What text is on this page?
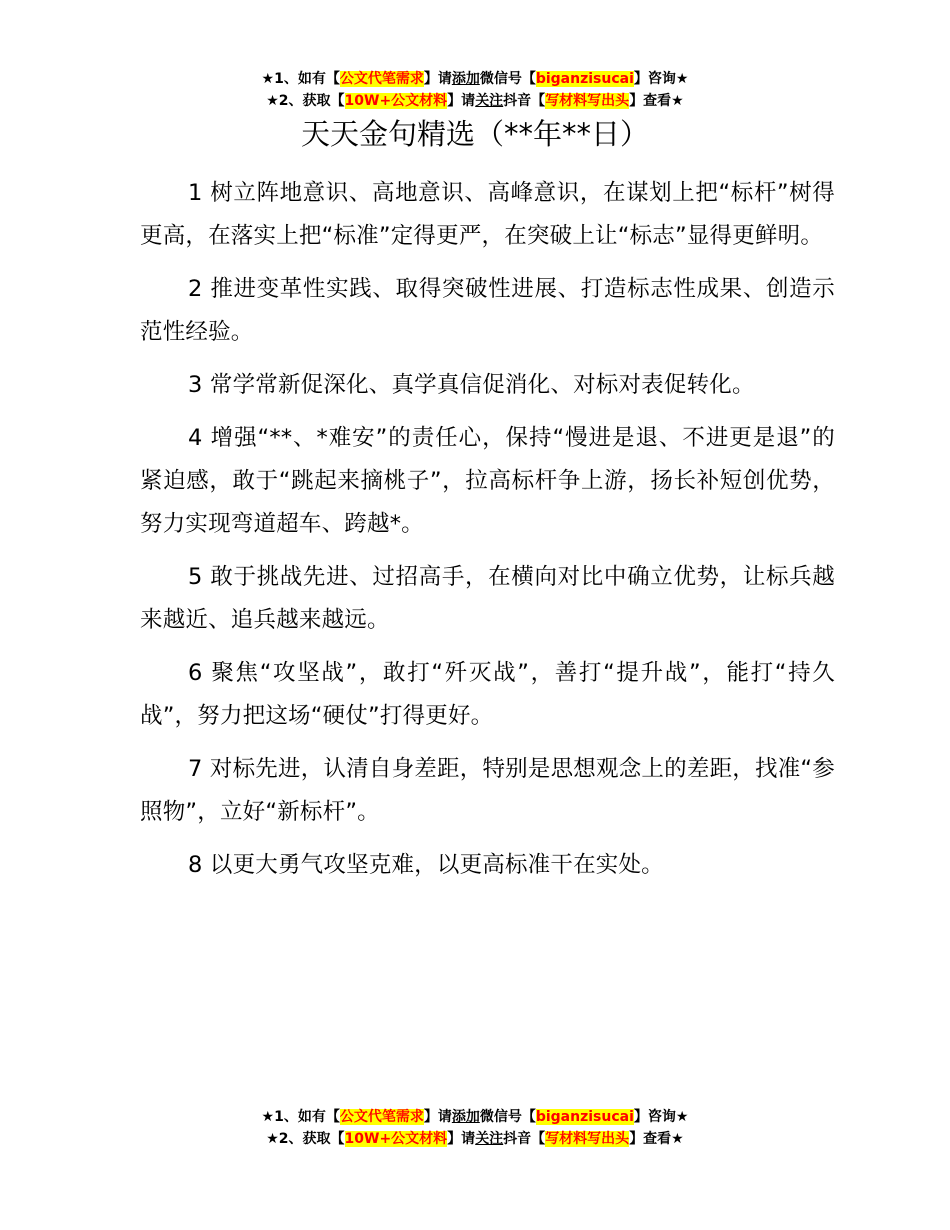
★1、如有【公文代笔需求】请添加微信号【biganzisucai】咨询★
★2、获取【10W+公文材料】请关注抖音【写材料写出头】查看★
天天金句精选（**年**日）

1 树立阵地意识、高地意识、高峰意识，在谋划上把“标杆”树得更高，在落实上把“标准”定得更严，在突破上让“标志”显得更鲜明。

2 推进变革性实践、取得突破性进展、打造标志性成果、创造示范性经验。

3 常学常新促深化、真学真信促消化、对标对表促转化。

4 增强“**、*难安”的责任心，保持“慢进是退、不进更是退”的紧迫感，敢于“跳起来摘桃子”，拉高标杆争上游，扬长补短创优势，努力实现弯道超车、跨越*。

5 敢于挑战先进、过招高手，在横向对比中确立优势，让标兵越来越近、追兵越来越远。

6 聚焦“攻坚战”，敢打“歼灭战”，善打“提升战”，能打“持久战”，努力把这场“硬仗”打得更好。

7 对标先进，认清自身差距，特别是思想观念上的差距，找准“参照物”，立好“新标杆”。

8 以更大勇气攻坚克难，以更高标准干在实处。

★1、如有【公文代笔需求】请添加微信号【biganzisucai】咨询★
★2、获取【10W+公文材料】请关注抖音【写材料写出头】查看★
